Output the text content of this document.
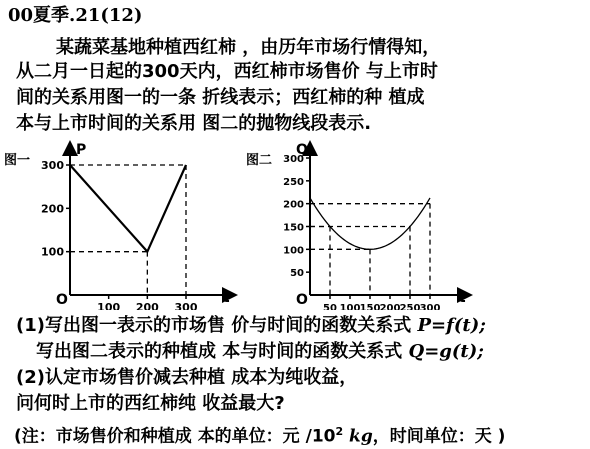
00夏季.21(12)
某蔬菜基地种植西红柿 ，由历年市场行情得知，
从二月一日起的300天内，西红柿市场售价 与上市时
间的关系用图一的一条 折线表示；西红柿的种 植成
本与上市时间的关系用 图二的抛物线段表示.
图一
P
t
O	100 200 300
100
200
300	图二
Q
t
O
50 100 150 200 250 300
50
100
150
200
250
300
(1)写出图一表示的市场售 价与时间的函数关系式 P=f(t);
写出图二表示的种植成 本与时间的函数关系式 Q=g(t);
(2)认定市场售价减去种植 成本为纯收益，
问何时上市的西红柿纯 收益最大?
(注：市场售价和种植成 本的单位：元 $/10^2$ kg，时间单位：天 )
